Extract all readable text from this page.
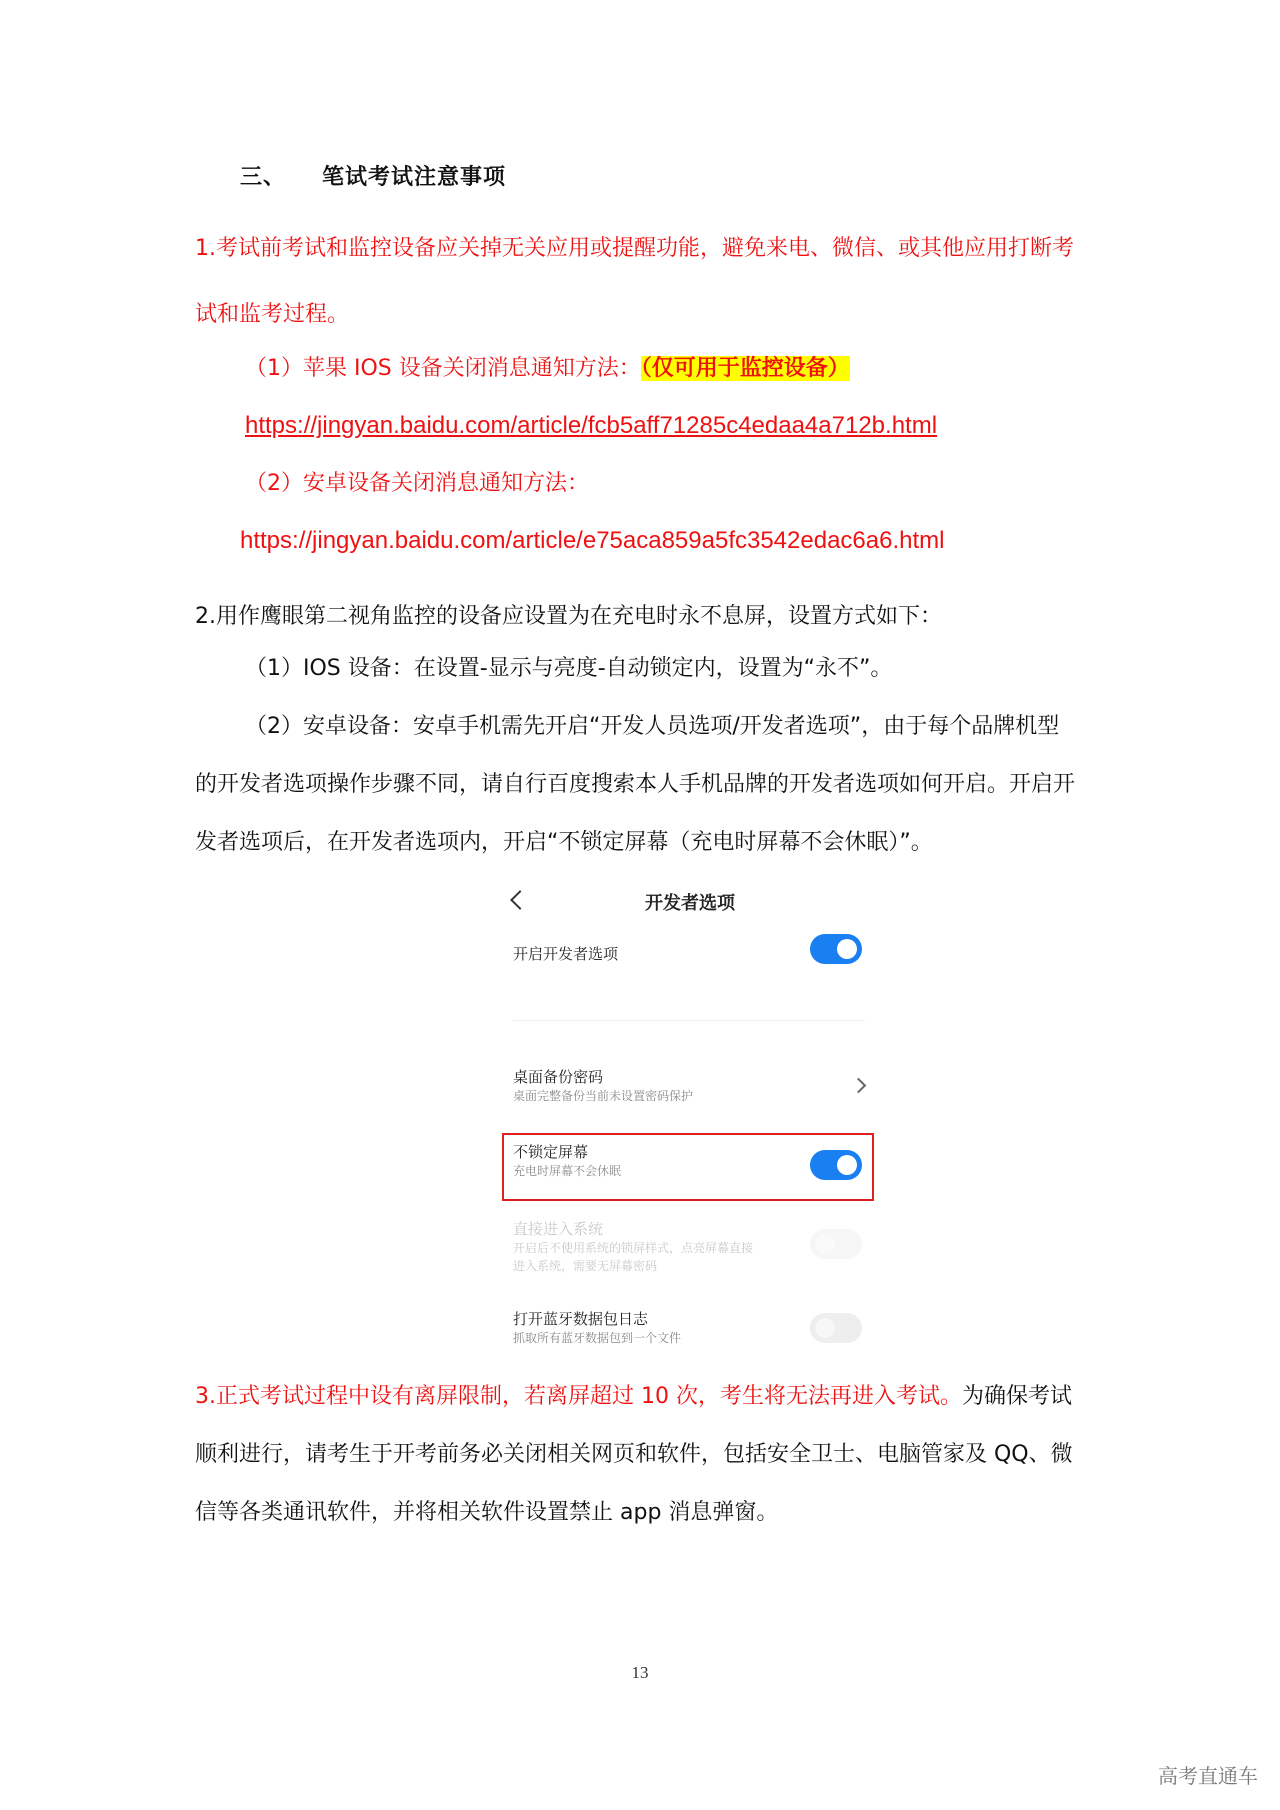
三、 笔试考试注意事项
1.考试前考试和监控设备应关掉无关应用或提醒功能，避免来电、微信、或其他应用打断考
试和监考过程。
（1）苹果 IOS 设备关闭消息通知方法：（仅可用于监控设备）
https://jingyan.baidu.com/article/fcb5aff71285c4edaa4a712b.html
（2）安卓设备关闭消息通知方法：
https://jingyan.baidu.com/article/e75aca859a5fc3542edac6a6.html
2.用作鹰眼第二视角监控的设备应设置为在充电时永不息屏，设置方式如下：
（1）IOS 设备：在设置-显示与亮度-自动锁定内，设置为“永不”。
（2）安卓设备：安卓手机需先开启“开发人员选项/开发者选项”，由于每个品牌机型
的开发者选项操作步骤不同，请自行百度搜索本人手机品牌的开发者选项如何开启。开启开
发者选项后，在开发者选项内，开启“不锁定屏幕（充电时屏幕不会休眠）”。
开发者选项
开启开发者选项
桌面备份密码
桌面完整备份当前未设置密码保护
不锁定屏幕
充电时屏幕不会休眠
直接进入系统
开启后不使用系统的锁屏样式，点亮屏幕直接
进入系统，需要无屏幕密码
打开蓝牙数据包日志
抓取所有蓝牙数据包到一个文件
3.正式考试过程中设有离屏限制，若离屏超过 10 次，考生将无法再进入考试。为确保考试
顺利进行，请考生于开考前务必关闭相关网页和软件，包括安全卫士、电脑管家及 QQ、微
信等各类通讯软件，并将相关软件设置禁止 app 消息弹窗。
13
高考直通车
